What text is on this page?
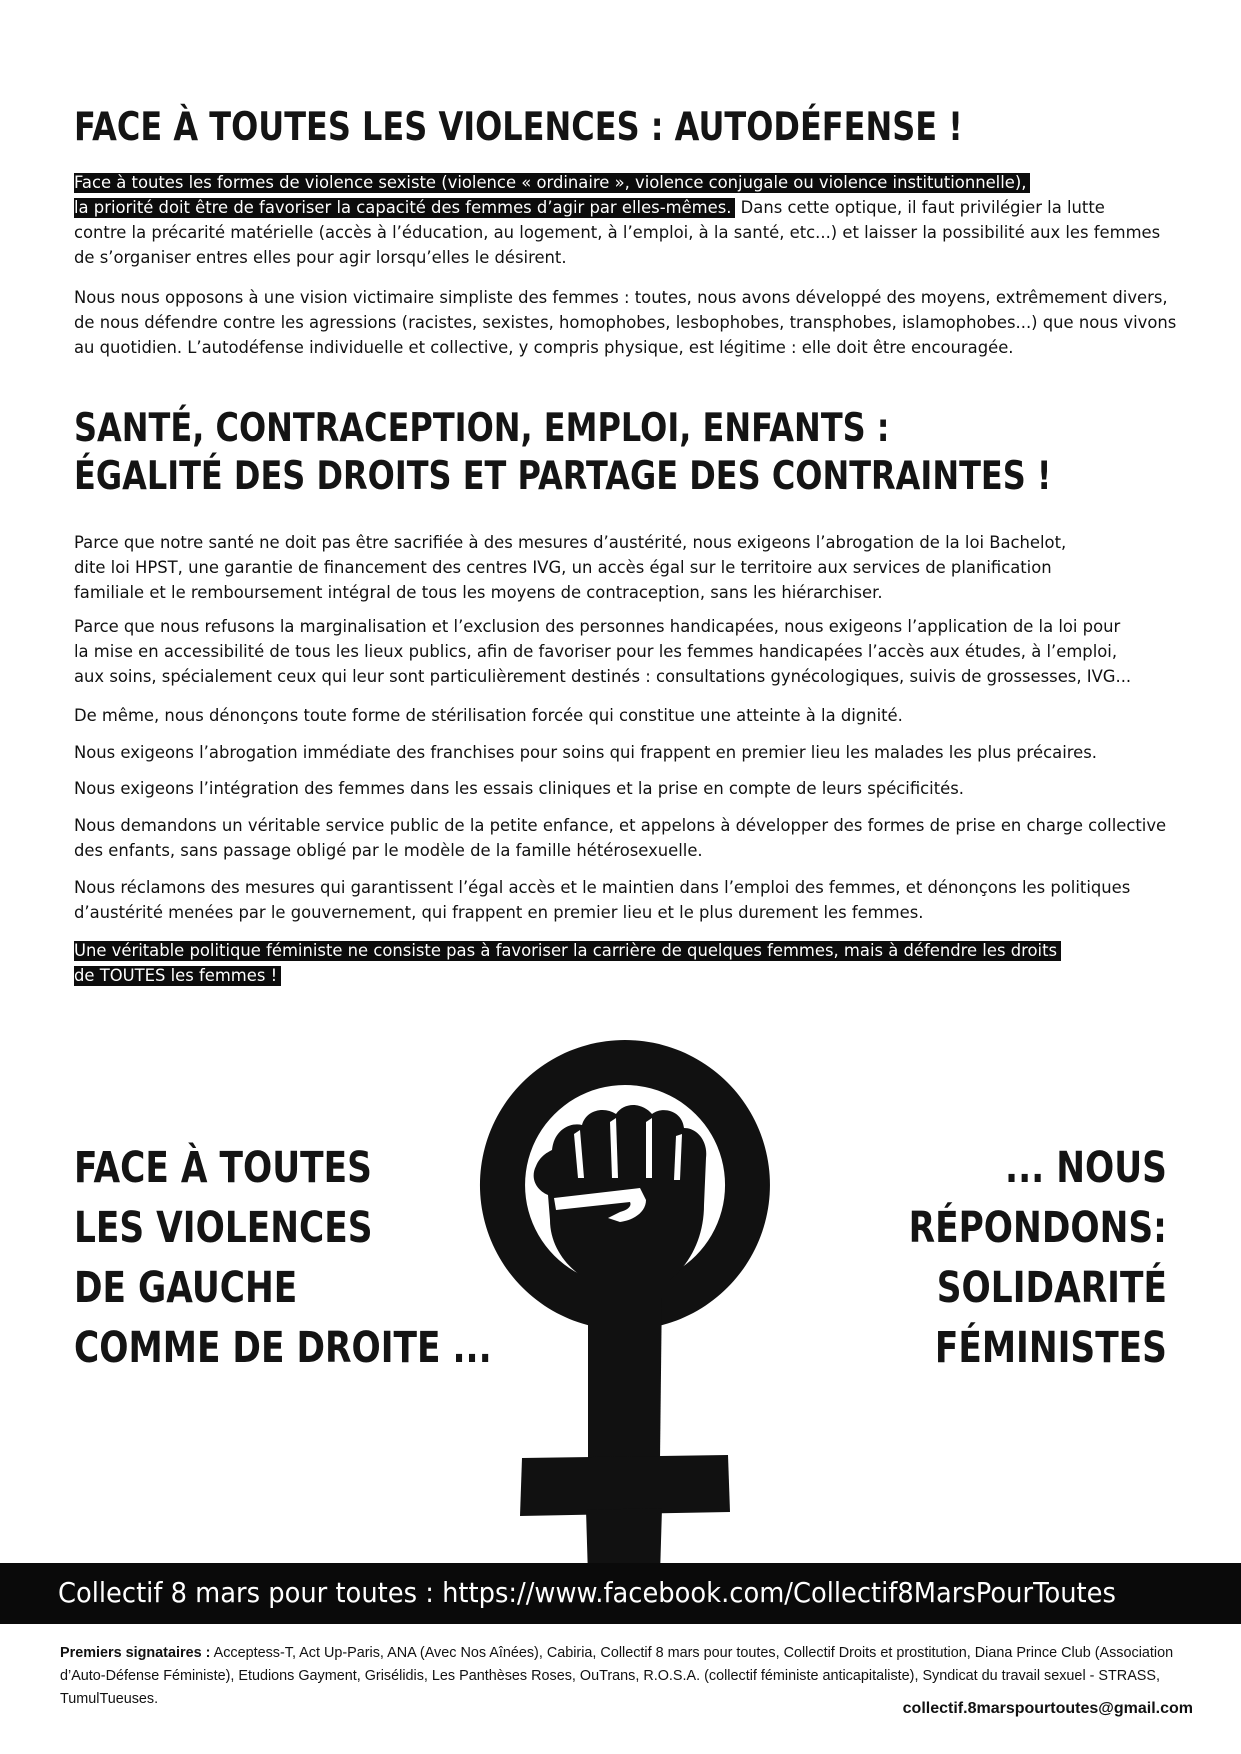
FACE À TOUTES LES VIOLENCES : AUTODÉFENSE !
Face à toutes les formes de violence sexiste (violence « ordinaire », violence conjugale ou violence institutionnelle),
la priorité doit être de favoriser la capacité des femmes d’agir par elles-mêmes. Dans cette optique, il faut privilégier la lutte
contre la précarité matérielle (accès à l’éducation, au logement, à l’emploi, à la santé, etc...) et laisser la possibilité aux les femmes
de s’organiser entres elles pour agir lorsqu’elles le désirent.
Nous nous opposons à une vision victimaire simpliste des femmes : toutes, nous avons développé des moyens, extrêmement divers,
de nous défendre contre les agressions (racistes, sexistes, homophobes, lesbophobes, transphobes, islamophobes...) que nous vivons
au quotidien. L’autodéfense individuelle et collective, y compris physique, est légitime : elle doit être encouragée.
SANTÉ, CONTRACEPTION, EMPLOI, ENFANTS :
ÉGALITÉ DES DROITS ET PARTAGE DES CONTRAINTES !
Parce que notre santé ne doit pas être sacrifiée à des mesures d’austérité, nous exigeons l’abrogation de la loi Bachelot,
dite loi HPST, une garantie de financement des centres IVG, un accès égal sur le territoire aux services de planification
familiale et le remboursement intégral de tous les moyens de contraception, sans les hiérarchiser.
Parce que nous refusons la marginalisation et l’exclusion des personnes handicapées, nous exigeons l’application de la loi pour
la mise en accessibilité de tous les lieux publics, afin de favoriser pour les femmes handicapées l’accès aux études, à l’emploi,
aux soins, spécialement ceux qui leur sont particulièrement destinés : consultations gynécologiques, suivis de grossesses, IVG...
De même, nous dénonçons toute forme de stérilisation forcée qui constitue une atteinte à la dignité.
Nous exigeons l’abrogation immédiate des franchises pour soins qui frappent en premier lieu les malades les plus précaires.
Nous exigeons l’intégration des femmes dans les essais cliniques et la prise en compte de leurs spécificités.
Nous demandons un véritable service public de la petite enfance, et appelons à développer des formes de prise en charge collective
des enfants, sans passage obligé par le modèle de la famille hétérosexuelle.
Nous réclamons des mesures qui garantissent l’égal accès et le maintien dans l’emploi des femmes, et dénonçons les politiques
d’austérité menées par le gouvernement, qui frappent en premier lieu et le plus durement les femmes.
Une véritable politique féministe ne consiste pas à favoriser la carrière de quelques femmes, mais à défendre les droits
de TOUTES les femmes !
FACE À TOUTES
LES VIOLENCES
DE GAUCHE
COMME DE DROITE ...
... NOUS
RÉPONDONS:
SOLIDARITÉ
FÉMINISTES

Collectif 8 mars pour toutes : https://www.facebook.com/Collectif8MarsPourToutes

Premiers signataires : Acceptess-T, Act Up-Paris, ANA (Avec Nos Aînées), Cabiria, Collectif 8 mars pour toutes, Collectif Droits et prostitution, Diana Prince Club (Association d’Auto-Défense Féministe), Etudions Gayment, Grisélidis, Les Panthèses Roses, OuTrans, R.O.S.A. (collectif féministe anticapitaliste), Syndicat du travail sexuel - STRASS, TumulTueuses.

collectif.8marspourtoutes@gmail.com
